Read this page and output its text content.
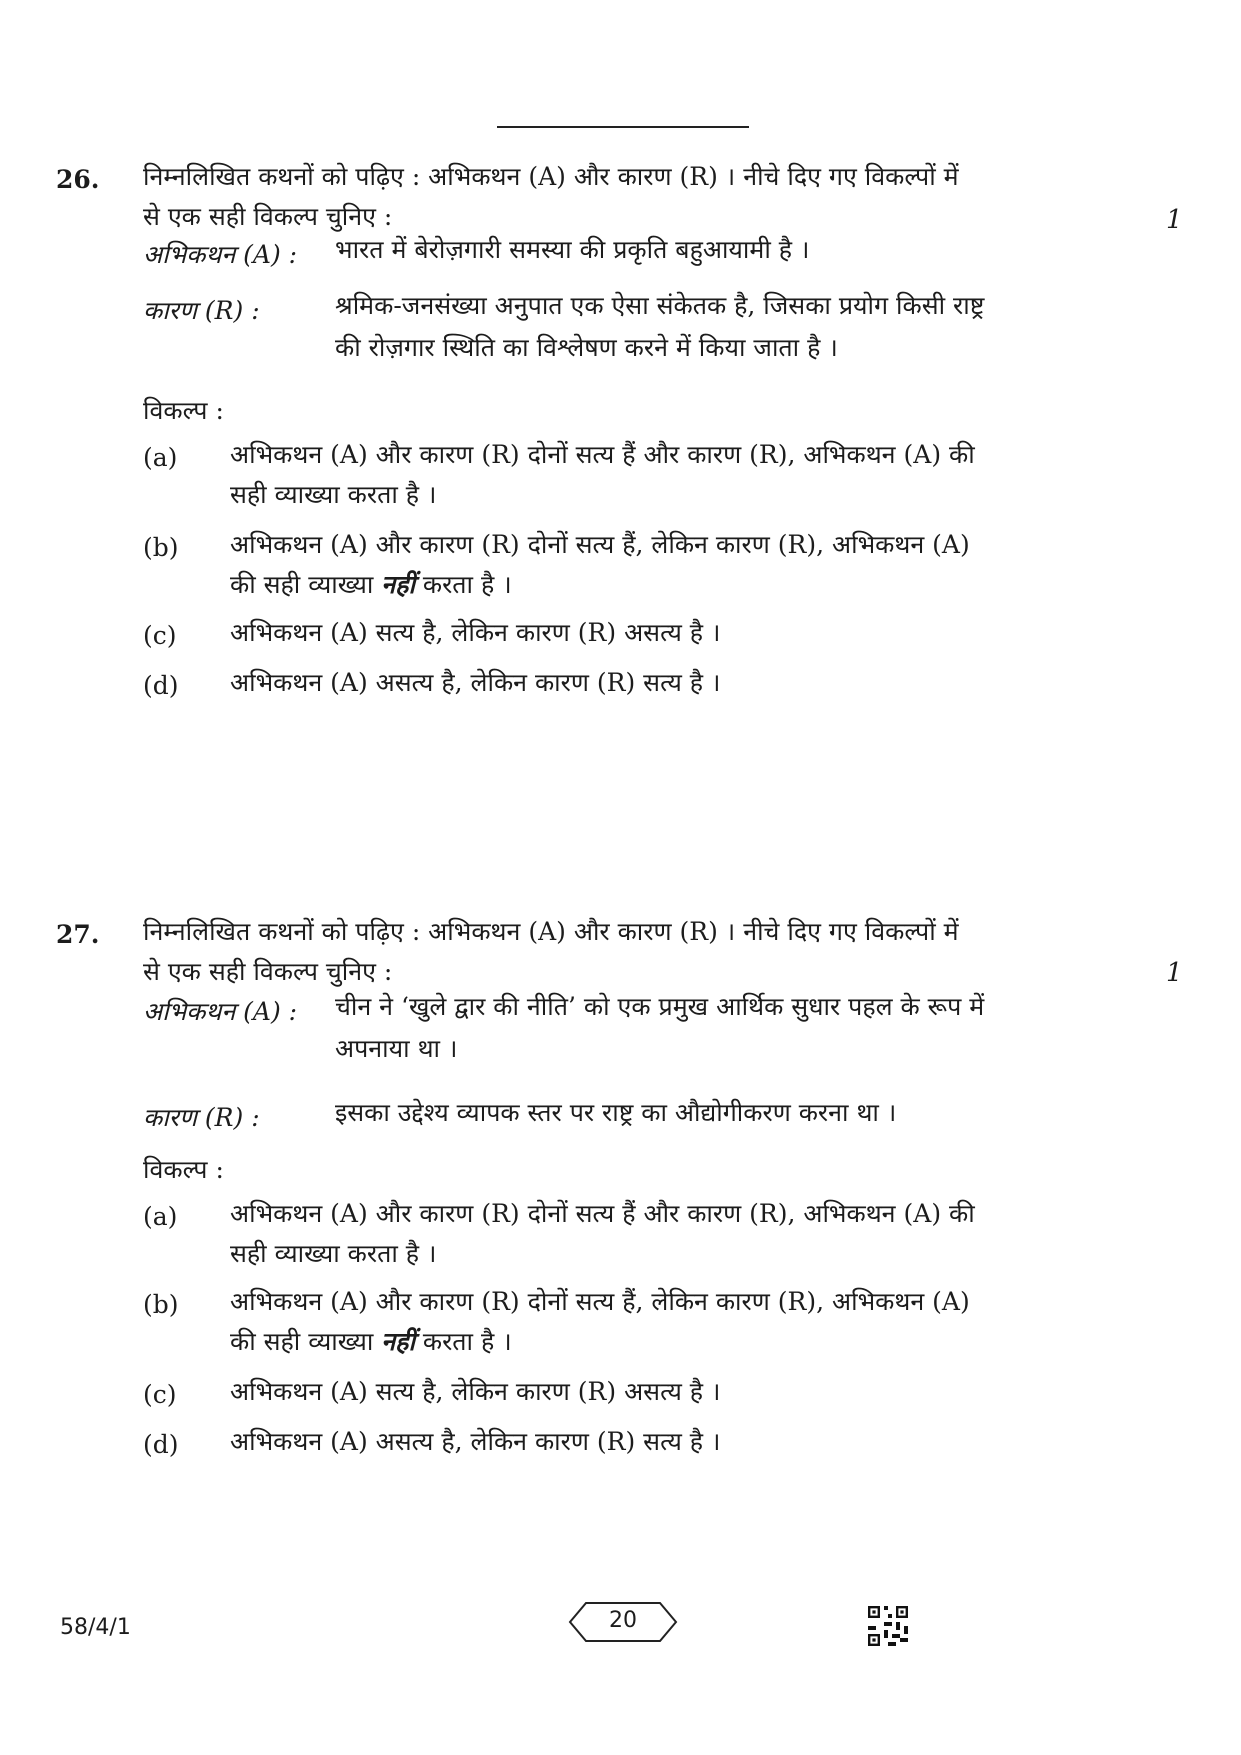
26. निम्नलिखित कथनों को पढ़िए : अभिकथन (A) और कारण (R) । नीचे दिए गए विकल्पों में
से एक सही विकल्प चुनिए :	1
अभिकथन (A) : भारत में बेरोज़गारी समस्या की प्रकृति बहुआयामी है ।
कारण (R) :	श्रमिक-जनसंख्या अनुपात एक ऐसा संकेतक है, जिसका प्रयोग किसी राष्ट्र
की रोज़गार स्थिति का विश्लेषण करने में किया जाता है ।
विकल्प :
(a) अभिकथन (A) और कारण (R) दोनों सत्य हैं और कारण (R), अभिकथन (A) की
सही व्याख्या करता है ।
(b) अभिकथन (A) और कारण (R) दोनों सत्य हैं, लेकिन कारण (R), अभिकथन (A)
की सही व्याख्या नहीं करता है ।
(c) अभिकथन (A) सत्य है, लेकिन कारण (R) असत्य है ।
(d) अभिकथन (A) असत्य है, लेकिन कारण (R) सत्य है ।
27. निम्नलिखित कथनों को पढ़िए : अभिकथन (A) और कारण (R) । नीचे दिए गए विकल्पों में
से एक सही विकल्प चुनिए :	1
अभिकथन (A) : चीन ने ‘खुले द्वार की नीति’ को एक प्रमुख आर्थिक सुधार पहल के रूप में
अपनाया था ।
कारण (R) :	इसका उद्देश्य व्यापक स्तर पर राष्ट्र का औद्योगीकरण करना था ।
विकल्प :
(a) अभिकथन (A) और कारण (R) दोनों सत्य हैं और कारण (R), अभिकथन (A) की
सही व्याख्या करता है ।
(b) अभिकथन (A) और कारण (R) दोनों सत्य हैं, लेकिन कारण (R), अभिकथन (A)
की सही व्याख्या नहीं करता है ।
(c) अभिकथन (A) सत्य है, लेकिन कारण (R) असत्य है ।
(d) अभिकथन (A) असत्य है, लेकिन कारण (R) सत्य है ।
58/4/1	20
